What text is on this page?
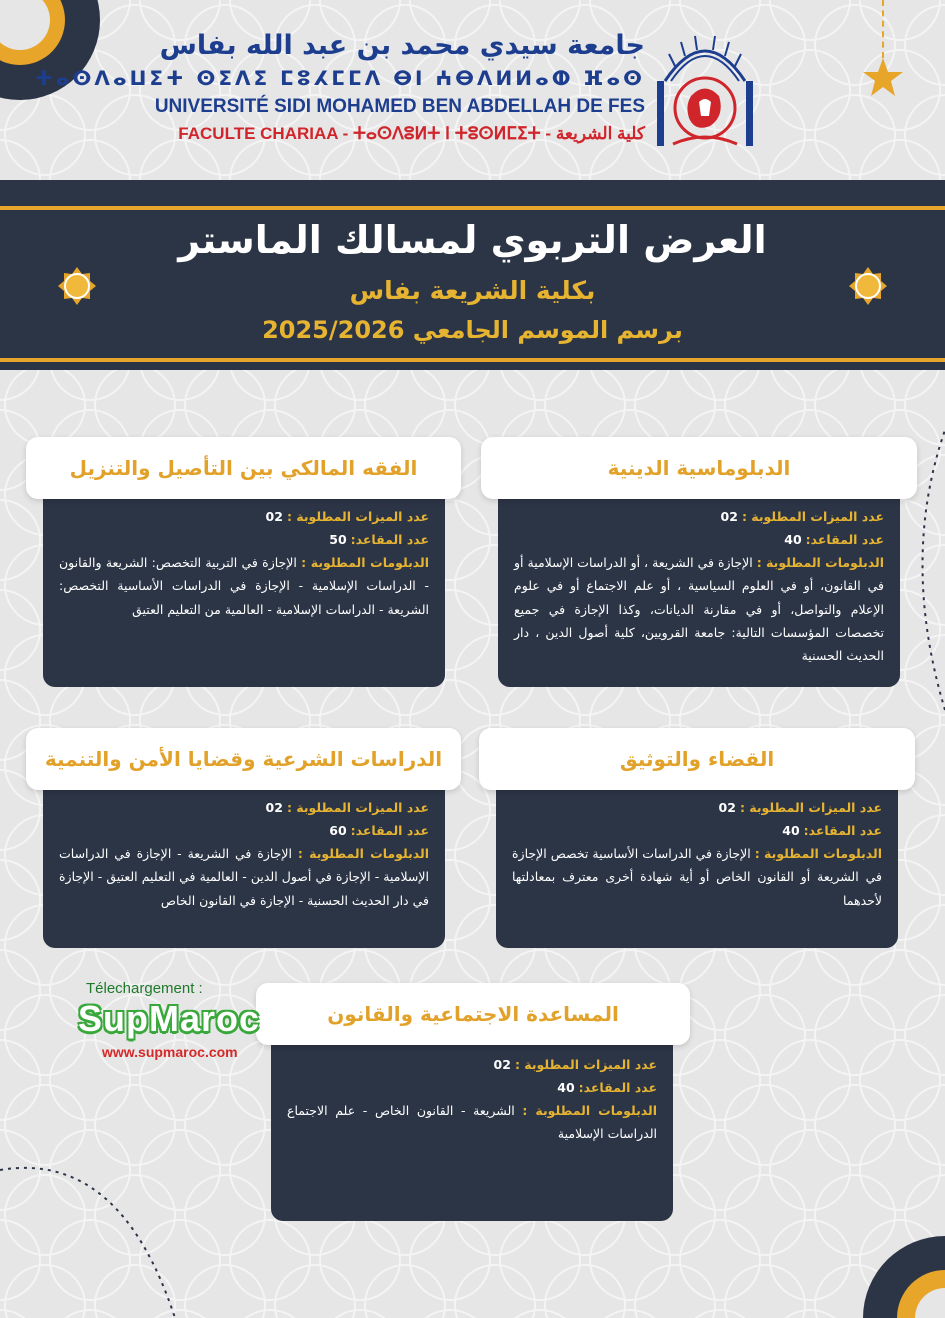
جامعة سيدي محمد بن عبد الله بفاس
ⵜⴰⵙⴷⴰⵡⵉⵜ ⵙⵉⴷⵉ ⵎⵓⵃⵎⵎⴷ ⴱⵏ ⵄⴱⴷⵍⵍⴰⵀ ⴼⴰⵙ
UNIVERSITÉ SIDI MOHAMED BEN ABDELLAH DE FES
FACULTE CHARIAA - ⵜⴰⵙⴷⵓⵍⵜ ⵏ ⵜⵓⵙⵍⵎⵉⵜ - كلية الشريعة
العرض التربوي لمسالك الماستر
بكلية الشريعة بفاس
برسم الموسم الجامعي 2025/2026
عدد الميزات المطلوبة : 02
عدد المقاعد: 40
الدبلومات المطلوبة : الإجازة في الشريعة ، أو الدراسات الإسلامية أو في القانون، أو في العلوم السياسية ، أو علم الاجتماع أو في علوم الإعلام والتواصل، أو في مقارنة الديانات، وكذا الإجازة في جميع تخصصات المؤسسات التالية: جامعة القرويين، كلية أصول الدين ، دار الحديث الحسنية
الدبلوماسية الدينية
عدد الميزات المطلوبة : 02
عدد المقاعد: 50
الدبلومات المطلوبة : الإجازة في التربية التخصص: الشريعة والقانون - الدراسات الإسلامية - الإجازة في الدراسات الأساسية التخصص: الشريعة - الدراسات الإسلامية - العالمية من التعليم العتيق
الفقه المالكي بين التأصيل والتنزيل
عدد الميزات المطلوبة : 02
عدد المقاعد: 40
الدبلومات المطلوبة : الإجازة في الدراسات الأساسية تخصص الإجازة في الشريعة أو القانون الخاص أو أية شهادة أخرى معترف بمعادلتها لأحدهما
القضاء والتوثيق
عدد الميزات المطلوبة : 02
عدد المقاعد: 60
الدبلومات المطلوبة : الإجازة في الشريعة - الإجازة في الدراسات الإسلامية - الإجازة في أصول الدين - العالمية في التعليم العتيق - الإجازة في دار الحديث الحسنية - الإجازة في القانون الخاص
الدراسات الشرعية وقضايا الأمن والتنمية
عدد الميزات المطلوبة : 02
عدد المقاعد: 40
الدبلومات المطلوبة : الشريعة - القانون الخاص - علم الاجتماع الدراسات الإسلامية
المساعدة الاجتماعية والقانون
Télechargement :
SupMaroc
www.supmaroc.com
